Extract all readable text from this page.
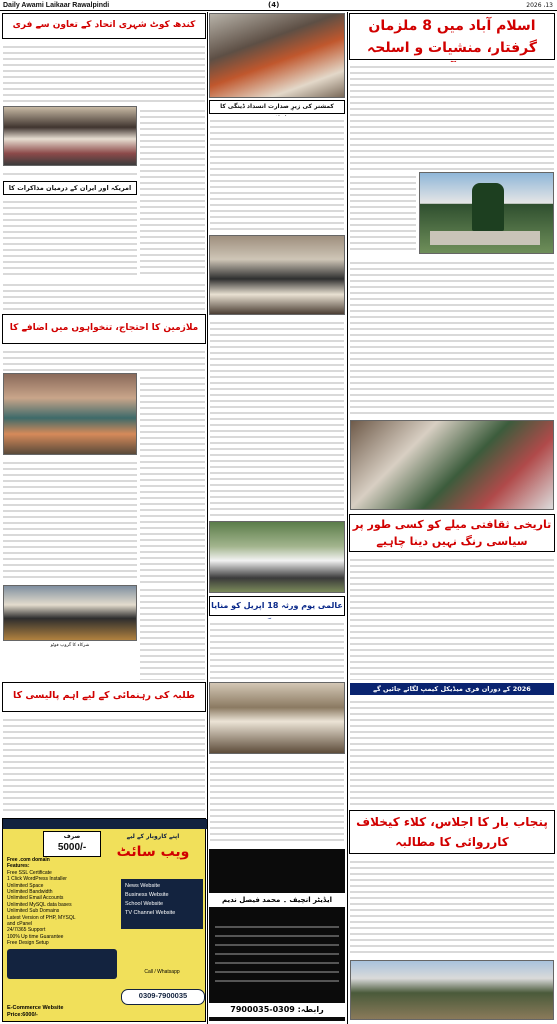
Daily Awami Laikaar Rawalpindi	(4)	2026 ،13
اسلام آباد میں 8 ملزمان گرفتار، منشیات و اسلحہ
تاریخی ثقافتی میلے کو کسی طور پر سیاسی رنگ نہیں دینا چاہیے
2026 کے دوران فری میڈیکل کیمپ لگائے جائیں گے
پنجاب بار کا اجلاس، کلاء کیخلاف کارروائی کا مطالبہ
کمشنر کی زیرِ صدارت انسداد ڈینگی کا
عالمی یوم ورثہ 18 اپریل کو منایا
ایڈیٹر انچیف ۔ محمد فیصل ندیم
رابطہ: 0309-7900035
کندھ کوٹ شہری اتحاد کے تعاون سے فری
امریکہ اور ایران کے درمیان مذاکرات کا
ملازمین کا احتجاج، تنخواہوں میں اضافے کا
شرکاء کا گروپ فوٹو
طلبہ کی رہنمائی کے لیے اہم پالیسی کا
صرف
5000/-
اپنے کاروبار کے لیے
ویب سائٹ
Free .com domain
Features:
Free SSL Certificate
1 Click WordPress Installer
Unlimited Space
Unlimited Bandwidth
Unlimited Email Accounts
Unlimited MySQL data bases
Unlimited Sub Domains
Latest Version of PHP, MYSQL
and cPanel
24/7/365 Support
100% Up time Guarantee
Free Design Setup
News Website
Business Website
School Website
TV Channel Website
Call / Whatsapp
0309-7900035
E-Commerce Website
Price:6000/-
